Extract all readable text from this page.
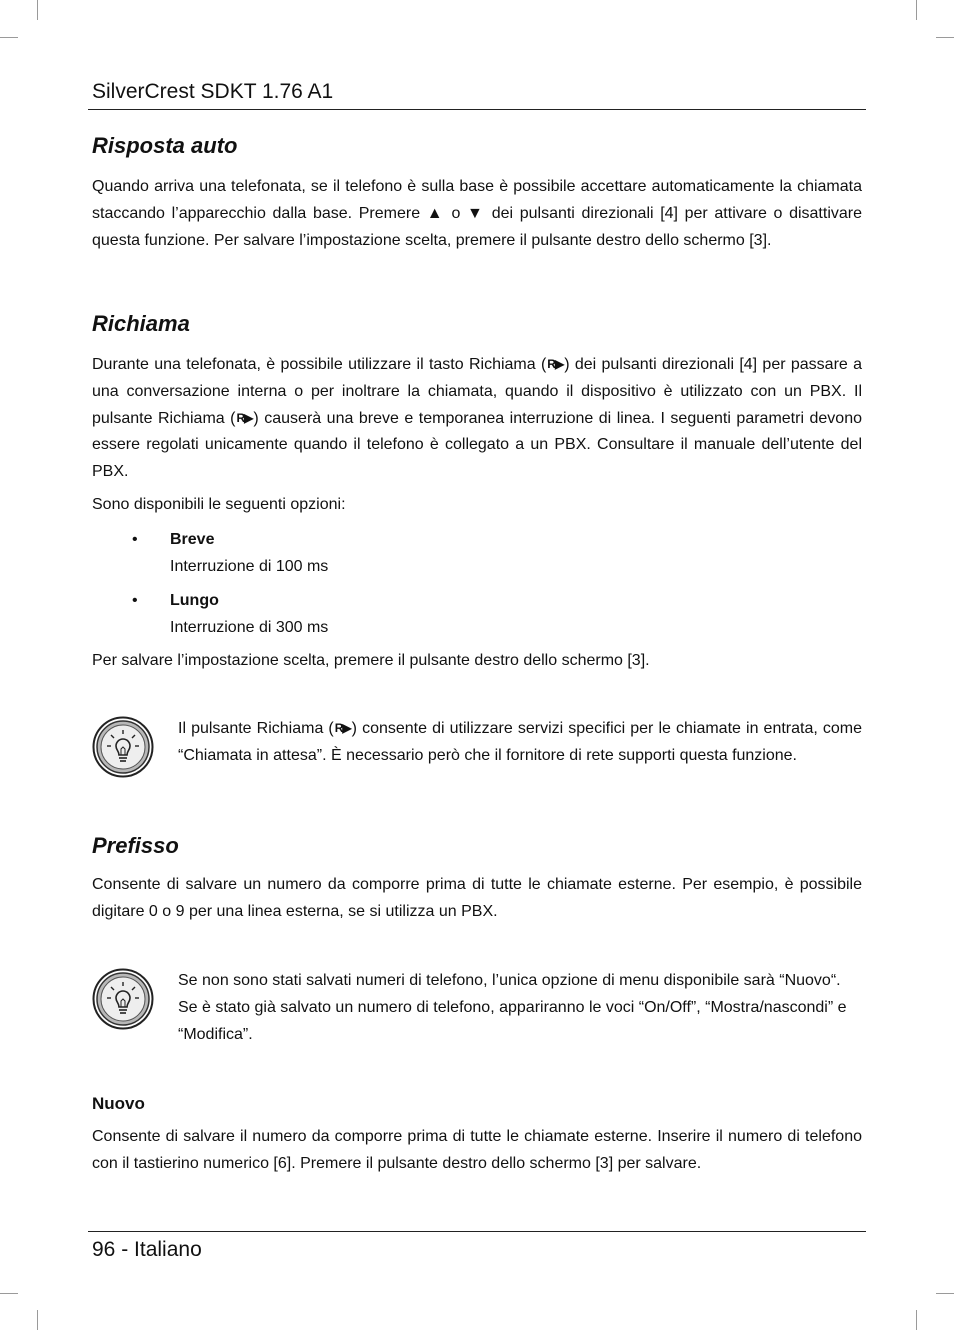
SilverCrest SDKT 1.76 A1
Risposta auto

Quando arriva una telefonata, se il telefono è sulla base è possibile accettare automaticamente la chiamata staccando l’apparecchio dalla base. Premere ▲ o ▼ dei pulsanti direzionali [4] per attivare o disattivare questa funzione. Per salvare l’impostazione scelta, premere il pulsante destro dello schermo [3].

Richiama

Durante una telefonata, è possibile utilizzare il tasto Richiama (R▶) dei pulsanti direzionali [4] per passare a una conversazione interna o per inoltrare la chiamata, quando il dispositivo è utilizzato con un PBX. Il pulsante Richiama (R▶) causerà una breve e temporanea interruzione di linea. I seguenti parametri devono essere regolati unicamente quando il telefono è collegato a un PBX. Consultare il manuale dell’utente del PBX.

Sono disponibili le seguenti opzioni:

• Breve
Interruzione di 100 ms
• Lungo
Interruzione di 300 ms

Per salvare l’impostazione scelta, premere il pulsante destro dello schermo [3].

Il pulsante Richiama (R▶) consente di utilizzare servizi specifici per le chiamate in entrata, come “Chiamata in attesa”. È necessario però che il fornitore di rete supporti questa funzione.

Prefisso

Consente di salvare un numero da comporre prima di tutte le chiamate esterne. Per esempio, è possibile digitare 0 o 9 per una linea esterna, se si utilizza un PBX.

Se non sono stati salvati numeri di telefono, l’unica opzione di menu disponibile sarà “Nuovo“. Se è stato già salvato un numero di telefono, appariranno le voci “On/Off”, “Mostra/nascondi” e “Modifica”.

Nuovo

Consente di salvare il numero da comporre prima di tutte le chiamate esterne. Inserire il numero di telefono con il tastierino numerico [6]. Premere il pulsante destro dello schermo [3] per salvare.

96 - Italiano
